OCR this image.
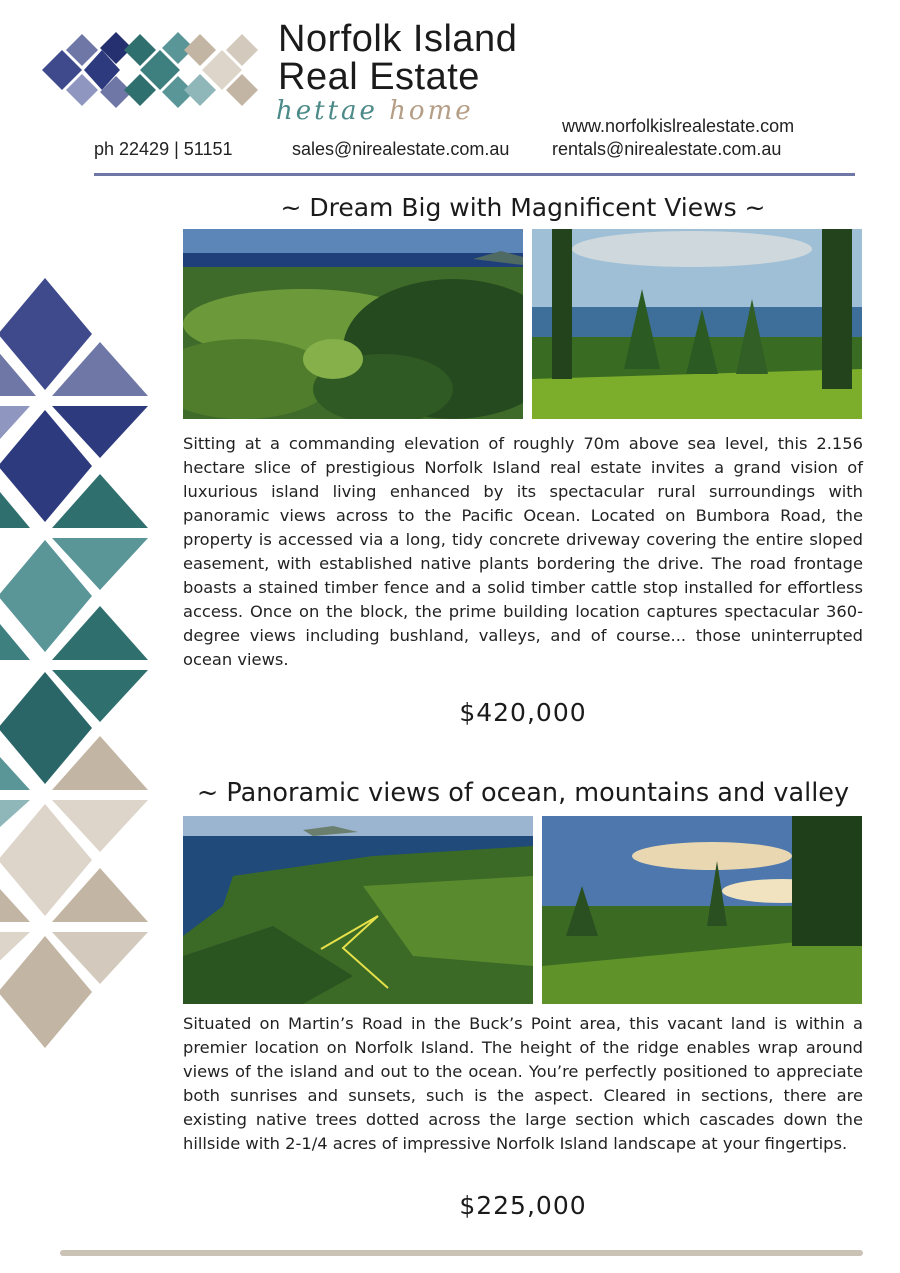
Norfolk Island
Real Estate
hettae home	www.norfolkislrealestate.com
ph 22429 | 51151	sales@nirealestate.com.au rentals@nirealestate.com.au
~ Dream Big with Magnificent Views ~
Sitting at a commanding elevation of roughly 70m above sea level, this 2.156 hectare slice of prestigious Norfolk Island real estate invites a grand vision of luxurious island living enhanced by its spectacular rural surroundings with panoramic views across to the Pacific Ocean. Located on Bumbora Road, the property is accessed via a long, tidy concrete driveway covering the entire sloped easement, with established native plants bordering the drive. The road frontage boasts a stained timber fence and a solid timber cattle stop installed for effortless access. Once on the block, the prime building location captures spectacular 360-degree views including bushland, valleys, and of course... those uninterrupted ocean views.
$420,000
~ Panoramic views of ocean, mountains and valley
Situated on Martin’s Road in the Buck’s Point area, this vacant land is within a premier location on Norfolk Island. The height of the ridge enables wrap around views of the island and out to the ocean. You’re perfectly positioned to appreciate both sunrises and sunsets, such is the aspect. Cleared in sections, there are existing native trees dotted across the large section which cascades down the hillside with 2-1/4 acres of impressive Norfolk Island landscape at your fingertips.
$225,000
